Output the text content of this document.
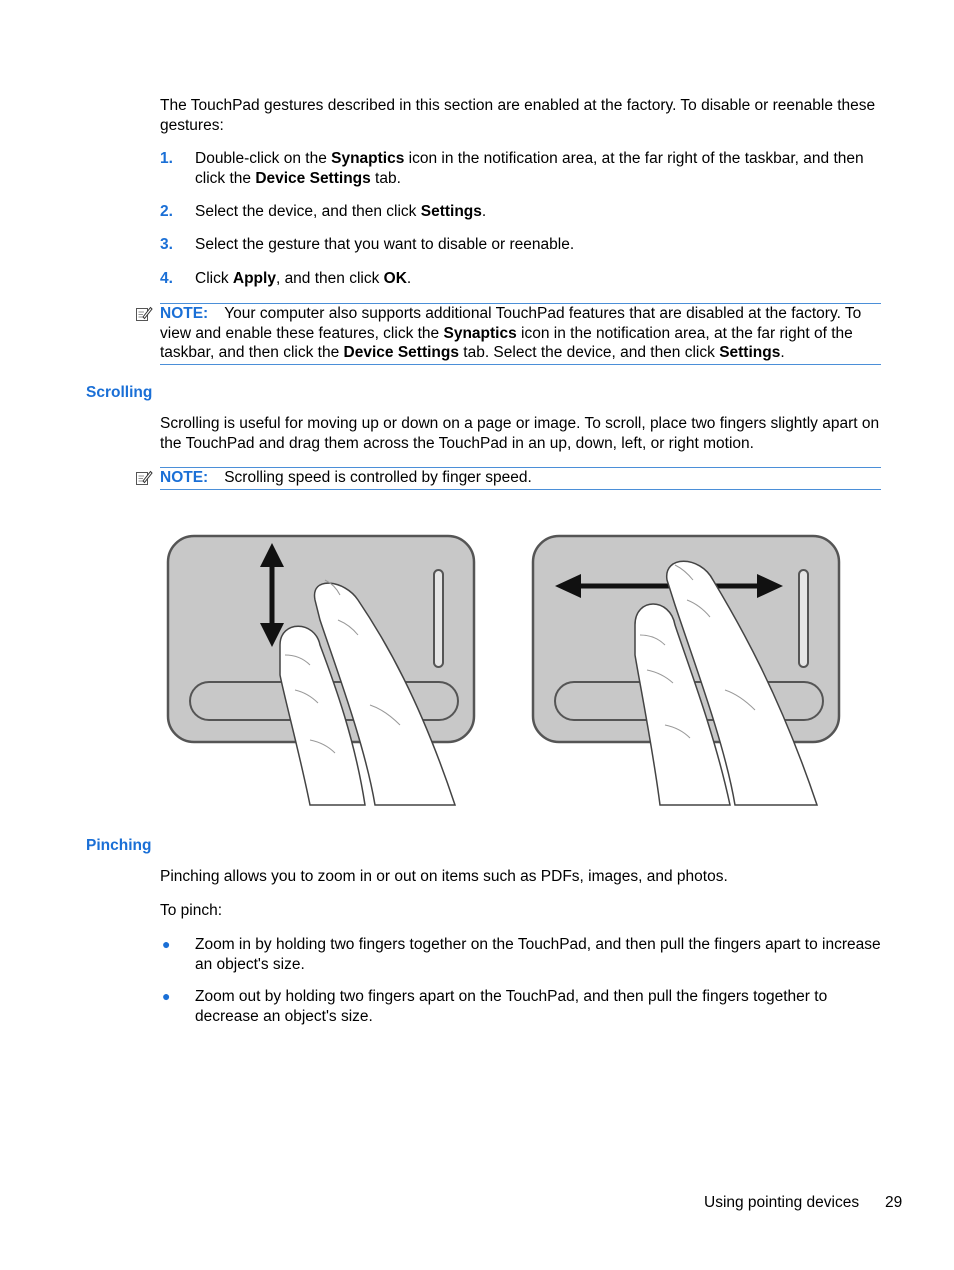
The TouchPad gestures described in this section are enabled at the factory. To disable or reenable these gestures:
1. Double-click on the Synaptics icon in the notification area, at the far right of the taskbar, and then click the Device Settings tab.
2. Select the device, and then click Settings.
3. Select the gesture that you want to disable or reenable.
4. Click Apply, and then click OK.
NOTE: Your computer also supports additional TouchPad features that are disabled at the factory. To view and enable these features, click the Synaptics icon in the notification area, at the far right of the taskbar, and then click the Device Settings tab. Select the device, and then click Settings.
Scrolling
Scrolling is useful for moving up or down on a page or image. To scroll, place two fingers slightly apart on the TouchPad and drag them across the TouchPad in an up, down, left, or right motion.
NOTE: Scrolling speed is controlled by finger speed.
Pinching
Pinching allows you to zoom in or out on items such as PDFs, images, and photos.
To pinch:
● Zoom in by holding two fingers together on the TouchPad, and then pull the fingers apart to increase an object's size.
● Zoom out by holding two fingers apart on the TouchPad, and then pull the fingers together to decrease an object's size.
Using pointing devices 29
